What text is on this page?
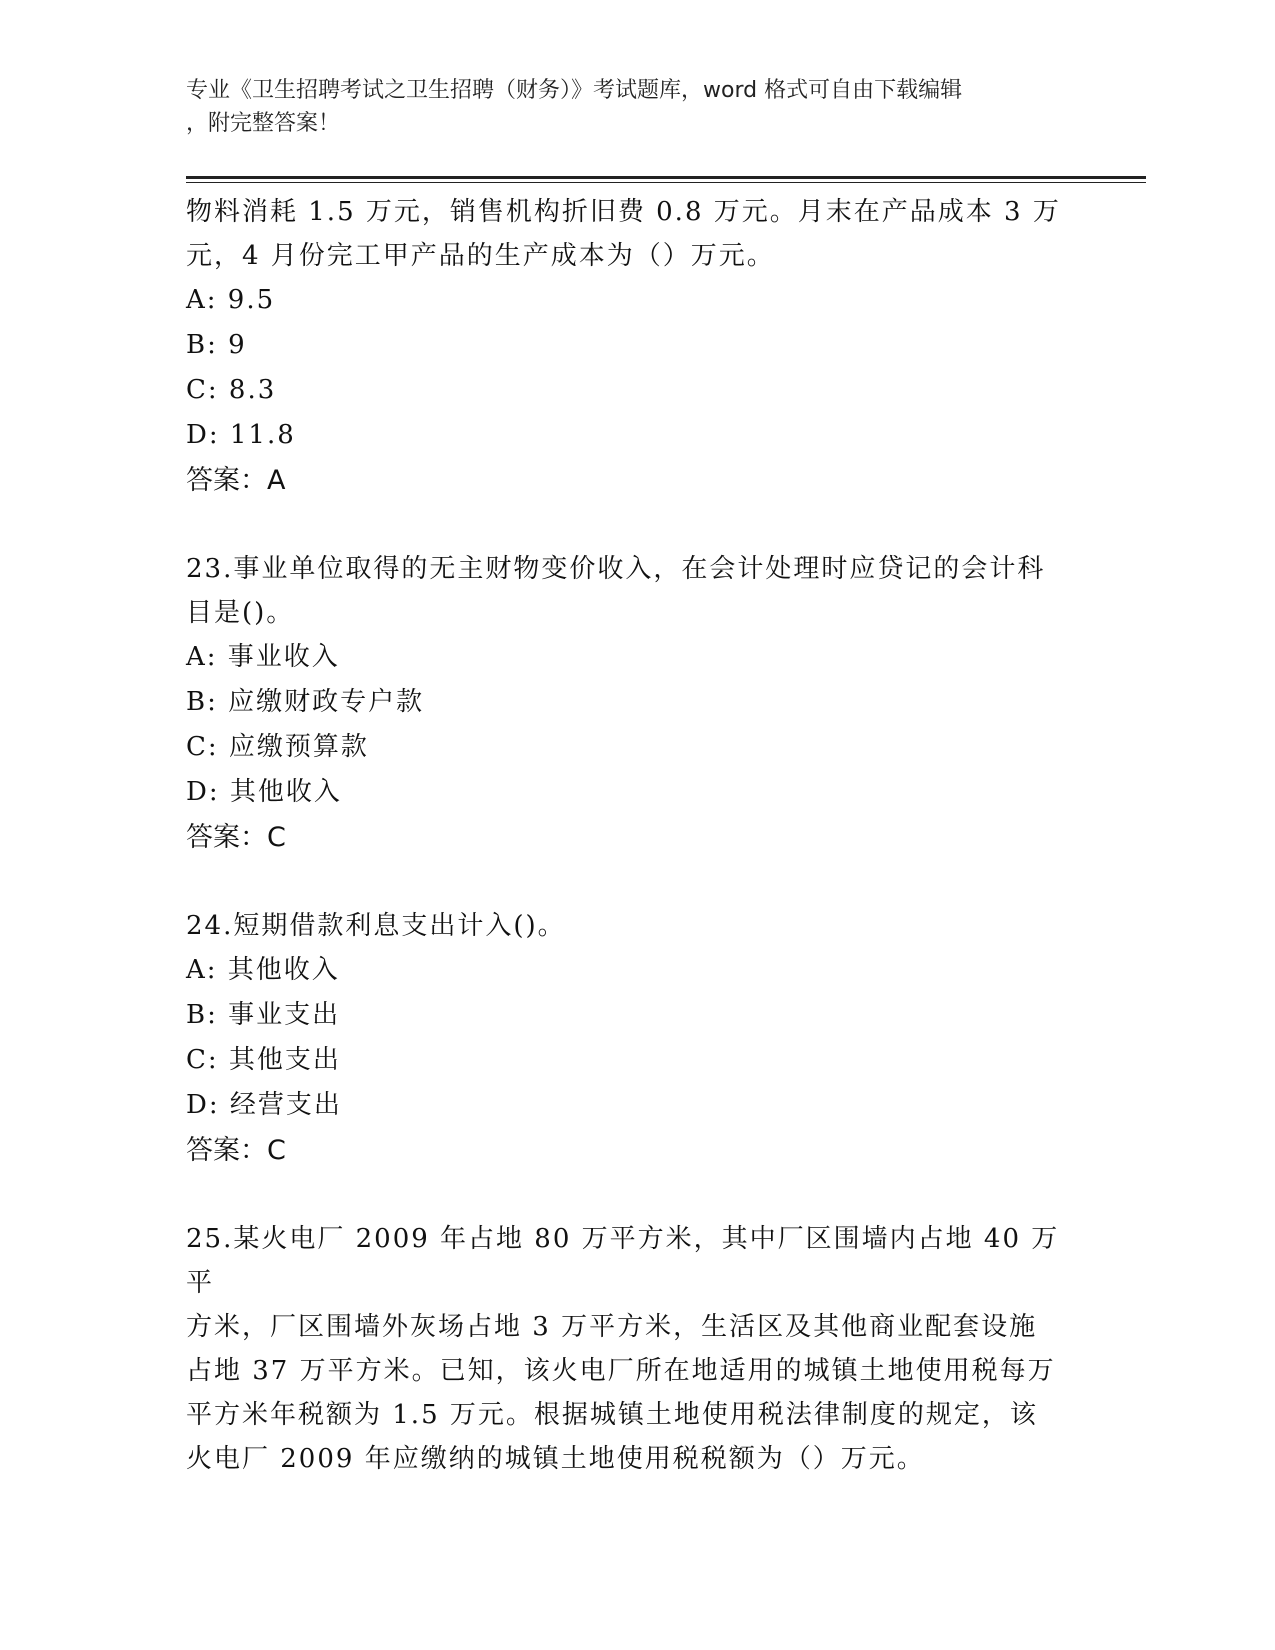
专业《卫生招聘考试之卫生招聘（财务）》考试题库，word 格式可自由下载编辑
，附完整答案！

物料消耗 1.5 万元，销售机构折旧费 0.8 万元。月末在产品成本 3 万

元，4 月份完工甲产品的生产成本为（）万元。

A: 9.5

B: 9

C: 8.3

D: 11.8

答案：A

23.事业单位取得的无主财物变价收入，在会计处理时应贷记的会计科

目是()。

A: 事业收入

B: 应缴财政专户款

C: 应缴预算款

D: 其他收入

答案：C

24.短期借款利息支出计入()。

A: 其他收入

B: 事业支出

C: 其他支出

D: 经营支出

答案：C

25.某火电厂 2009 年占地 80 万平方米，其中厂区围墙内占地 40 万平

方米，厂区围墙外灰场占地 3 万平方米，生活区及其他商业配套设施

占地 37 万平方米。已知，该火电厂所在地适用的城镇土地使用税每万

平方米年税额为 1.5 万元。根据城镇土地使用税法律制度的规定，该

火电厂 2009 年应缴纳的城镇土地使用税税额为（）万元。
